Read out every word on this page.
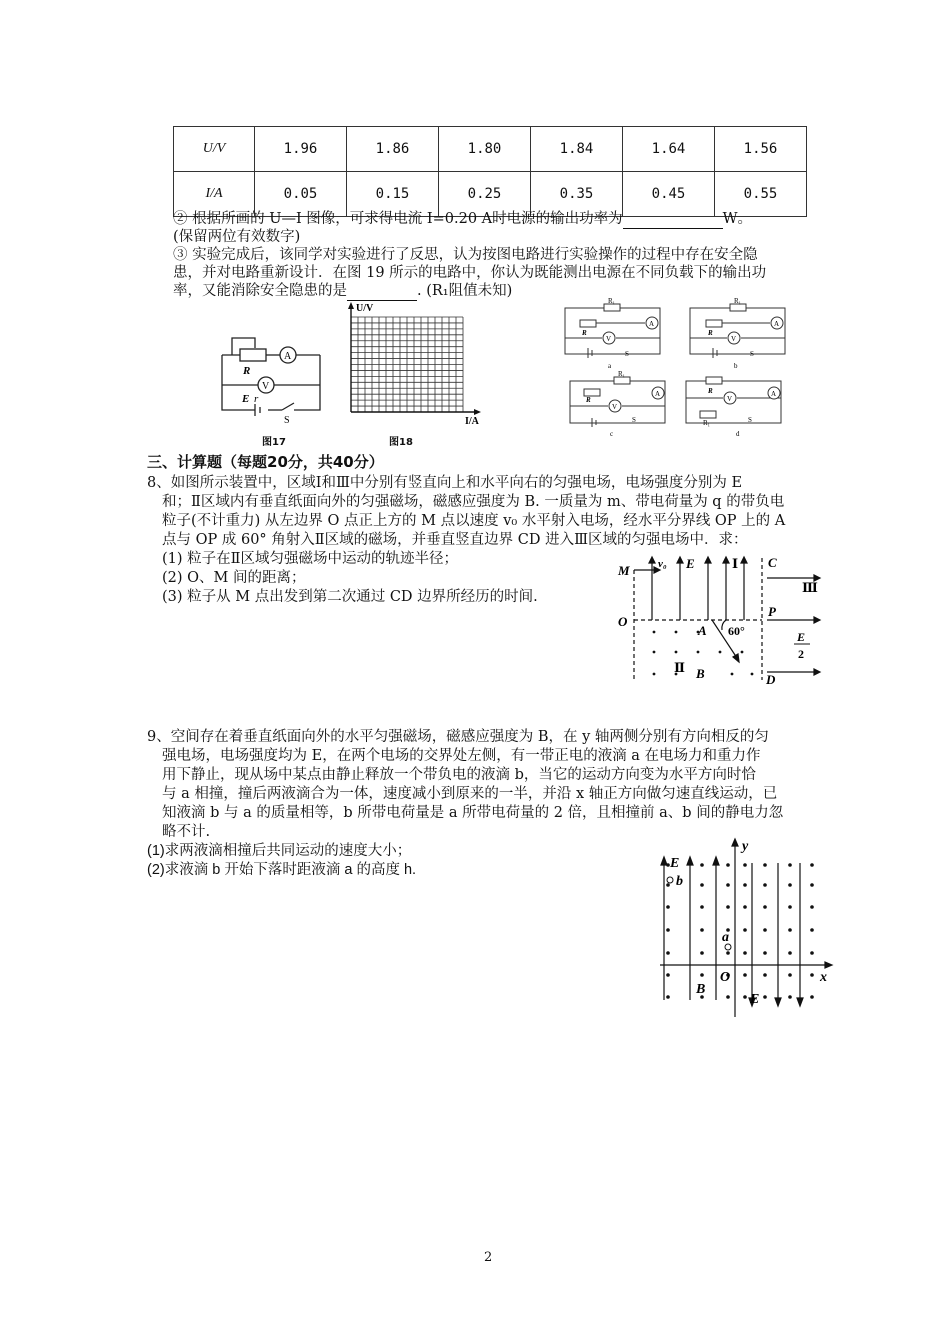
U/V	1.96	1.86	1.80	1.84	1.64	1.56
I/A	0.05	0.15	0.25	0.35	0.45	0.55
② 根据所画的 U—I 图像，可求得电流 I=0.20 A时电源的输出功率为	W。
(保留两位有效数字)
③ 实验完成后，该同学对实验进行了反思，认为按图电路进行实验操作的过程中存在安全隐
患，并对电路重新设计．在图 19 所示的电路中，你认为既能测出电源在不同负载下的输出功
率，又能消除安全隐患的是	. (R₁阻值未知)
A
V
R
E r
S
图17
U/V
I/A
图18
A
V
A
V
A
V
A
V
R₁	R₁
R₁
R₁
R	R
R
R
S	S
S	S
a	b
c	d
三、计算题（每题20分，共40分）
8、如图所示装置中，区域Ⅰ和Ⅲ中分别有竖直向上和水平向右的匀强电场，电场强度分别为 E
和；Ⅱ区域内有垂直纸面向外的匀强磁场，磁感应强度为 B. 一质量为 m、带电荷量为 q 的带负电
粒子(不计重力) 从左边界 O 点正上方的 M 点以速度 v₀ 水平射入电场，经水平分界线 OP 上的 A
点与 OP 成 60° 角射入Ⅱ区域的磁场，并垂直竖直边界 CD 进入Ⅲ区域的匀强电场中．求：
(1) 粒子在Ⅱ区域匀强磁场中运动的轨迹半径；
(2) O、M 间的距离；
(3) 粒子从 M 点出发到第二次通过 CD 边界所经历的时间.
M
O
v₀ E	Ⅰ C
Ⅲ
P
A 60°
Ⅱ B	D
E
2
9、空间存在着垂直纸面向外的水平匀强磁场，磁感应强度为 B，在 y 轴两侧分别有方向相反的匀
强电场，电场强度均为 E，在两个电场的交界处左侧，有一带正电的液滴 a 在电场力和重力作
用下静止，现从场中某点由静止释放一个带负电的液滴 b，当它的运动方向变为水平方向时恰
与 a 相撞，撞后两液滴合为一体，速度减小到原来的一半，并沿 x 轴正方向做匀速直线运动，已
知液滴 b 与 a 的质量相等，b 所带电荷量是 a 所带电荷量的 2 倍，且相撞前 a、b 间的静电力忽
略不计.
(1)求两液滴相撞后共同运动的速度大小；
(2)求液滴 b 开始下落时距液滴 a 的高度 h.	E
b
a
y
x
O
B
E
2
